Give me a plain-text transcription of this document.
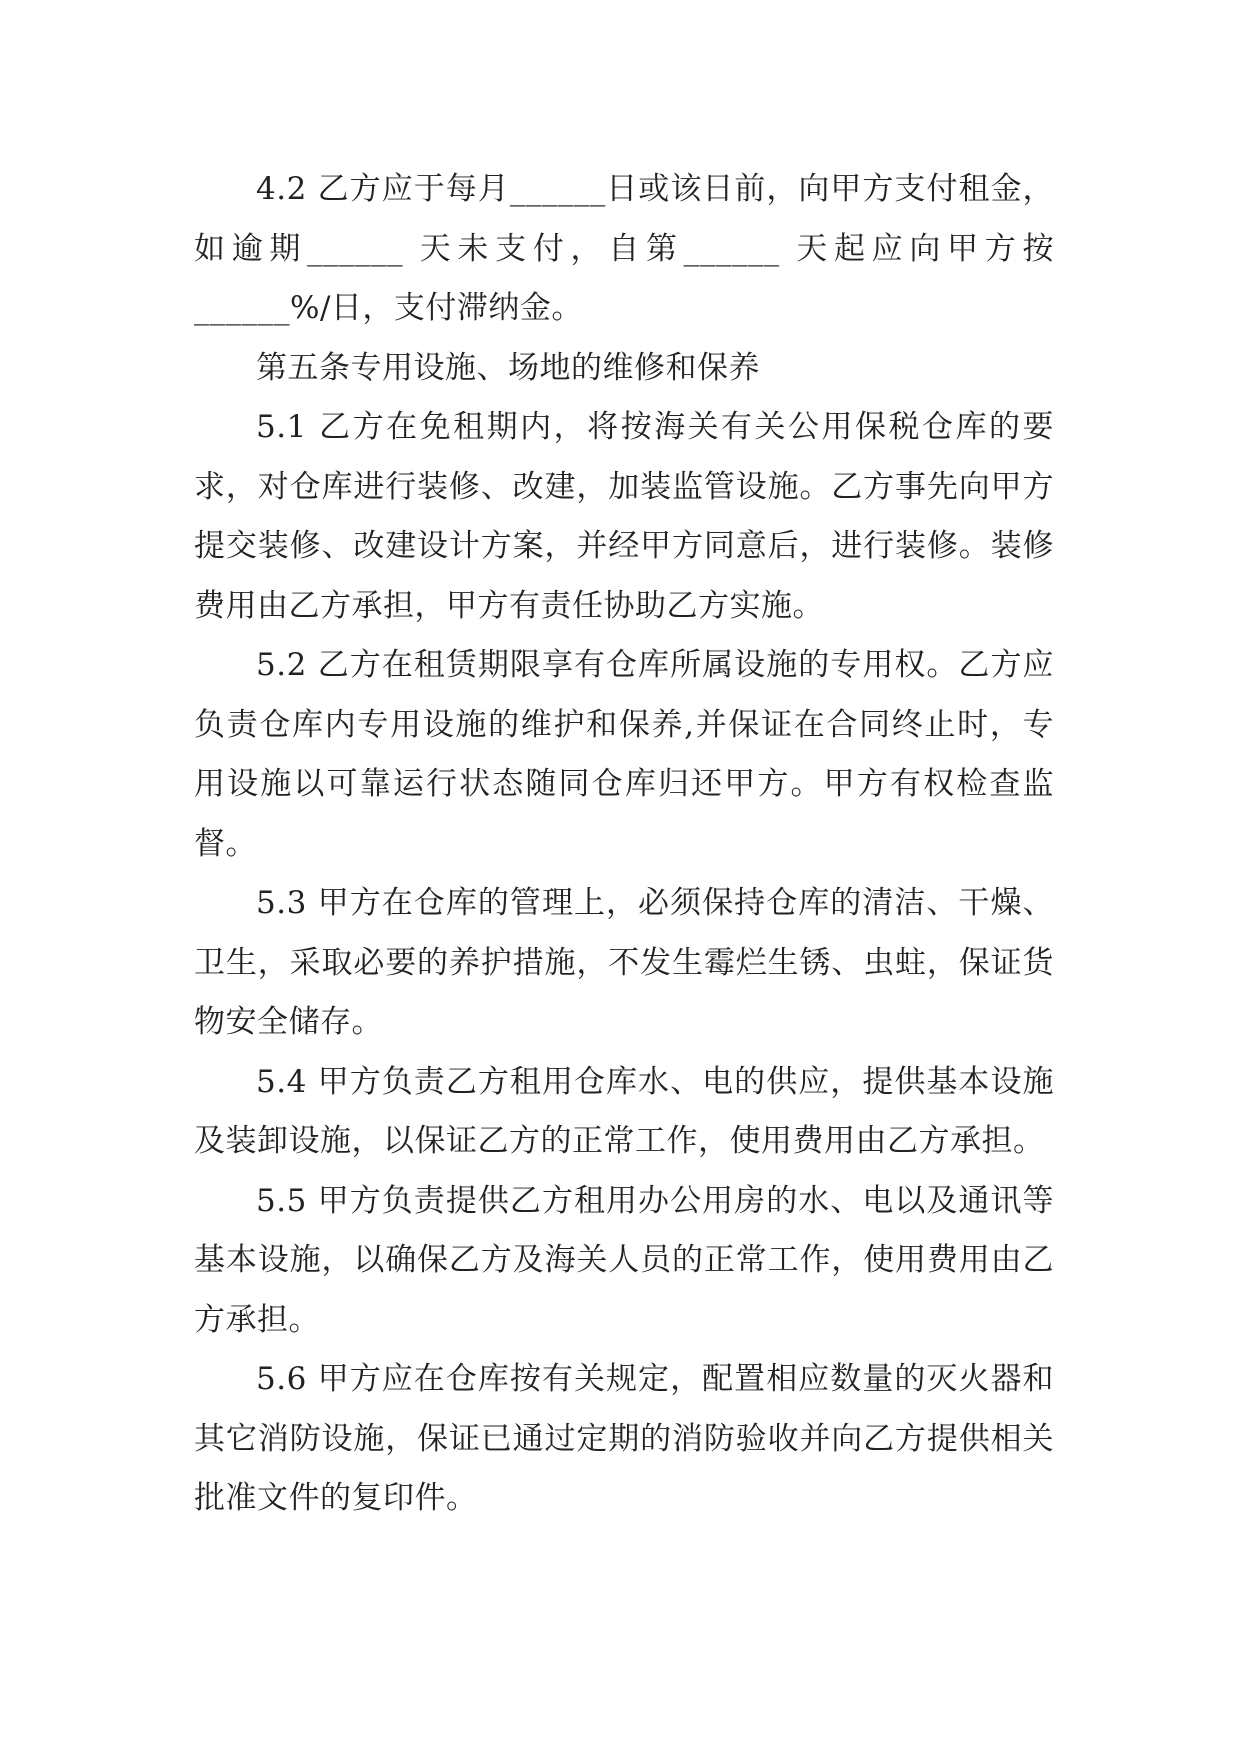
4.2 乙方应于每月______日或该日前，向甲方支付租金，如逾期______ 天未支付，自第______ 天起应向甲方按______%/日，支付滞纳金。

第五条专用设施、场地的维修和保养

5.1 乙方在免租期内，将按海关有关公用保税仓库的要求，对仓库进行装修、改建，加装监管设施。乙方事先向甲方提交装修、改建设计方案，并经甲方同意后，进行装修。装修费用由乙方承担，甲方有责任协助乙方实施。

5.2 乙方在租赁期限享有仓库所属设施的专用权。乙方应负责仓库内专用设施的维护和保养,并保证在合同终止时，专用设施以可靠运行状态随同仓库归还甲方。甲方有权检查监督。

5.3 甲方在仓库的管理上，必须保持仓库的清洁、干燥、卫生，采取必要的养护措施，不发生霉烂生锈、虫蛀，保证货物安全储存。

5.4 甲方负责乙方租用仓库水、电的供应，提供基本设施及装卸设施，以保证乙方的正常工作，使用费用由乙方承担。

5.5 甲方负责提供乙方租用办公用房的水、电以及通讯等基本设施，以确保乙方及海关人员的正常工作，使用费用由乙方承担。

5.6 甲方应在仓库按有关规定，配置相应数量的灭火器和其它消防设施，保证已通过定期的消防验收并向乙方提供相关批准文件的复印件。
